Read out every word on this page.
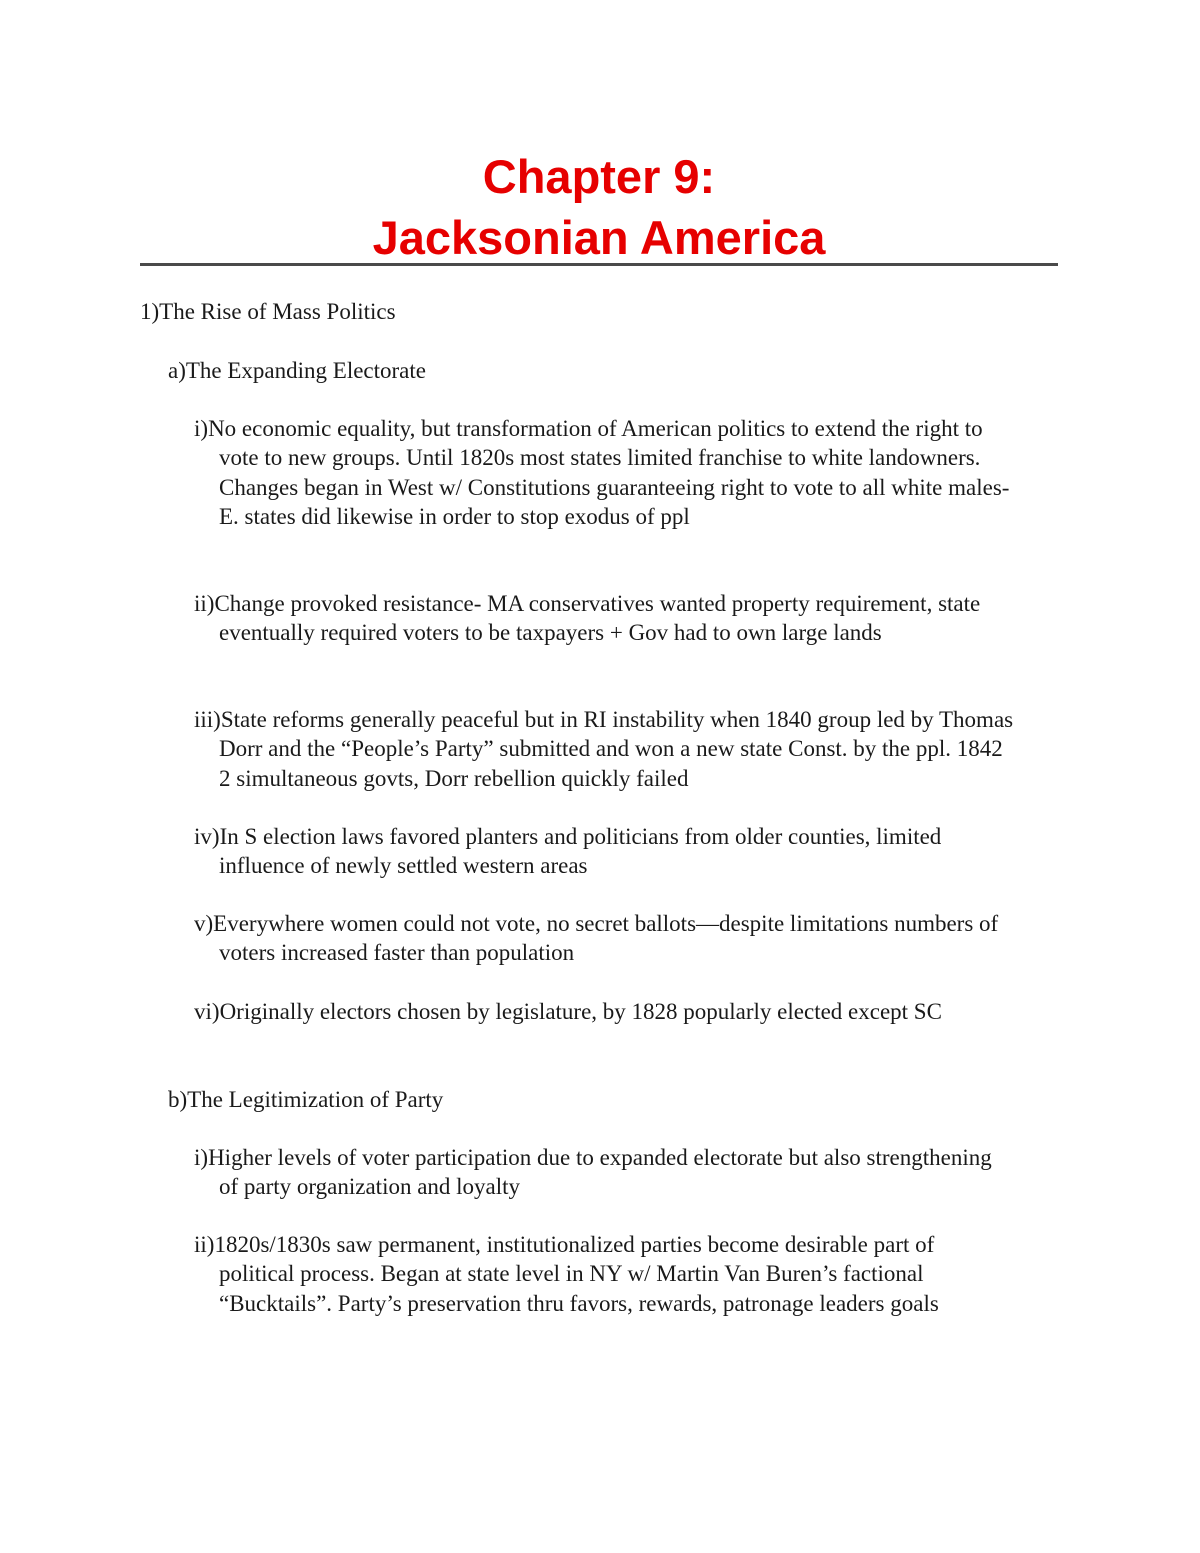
Chapter 9:
Jacksonian America
1)The Rise of Mass Politics
a)The Expanding Electorate
i)No economic equality, but transformation of American politics to extend the right to vote to new groups. Until 1820s most states limited franchise to white landowners. Changes began in West w/ Constitutions guaranteeing right to vote to all white males- E. states did likewise in order to stop exodus of ppl
ii)Change provoked resistance- MA conservatives wanted property requirement, state eventually required voters to be taxpayers + Gov had to own large lands
iii)State reforms generally peaceful but in RI instability when 1840 group led by Thomas Dorr and the “People’s Party” submitted and won a new state Const. by the ppl. 1842 2 simultaneous govts, Dorr rebellion quickly failed
iv)In S election laws favored planters and politicians from older counties, limited influence of newly settled western areas
v)Everywhere women could not vote, no secret ballots—despite limitations numbers of voters increased faster than population
vi)Originally electors chosen by legislature, by 1828 popularly elected except SC
b)The Legitimization of Party
i)Higher levels of voter participation due to expanded electorate but also strengthening of party organization and loyalty
ii)1820s/1830s saw permanent, institutionalized parties become desirable part of political process. Began at state level in NY w/ Martin Van Buren’s factional “Bucktails”. Party’s preservation thru favors, rewards, patronage leaders goals
